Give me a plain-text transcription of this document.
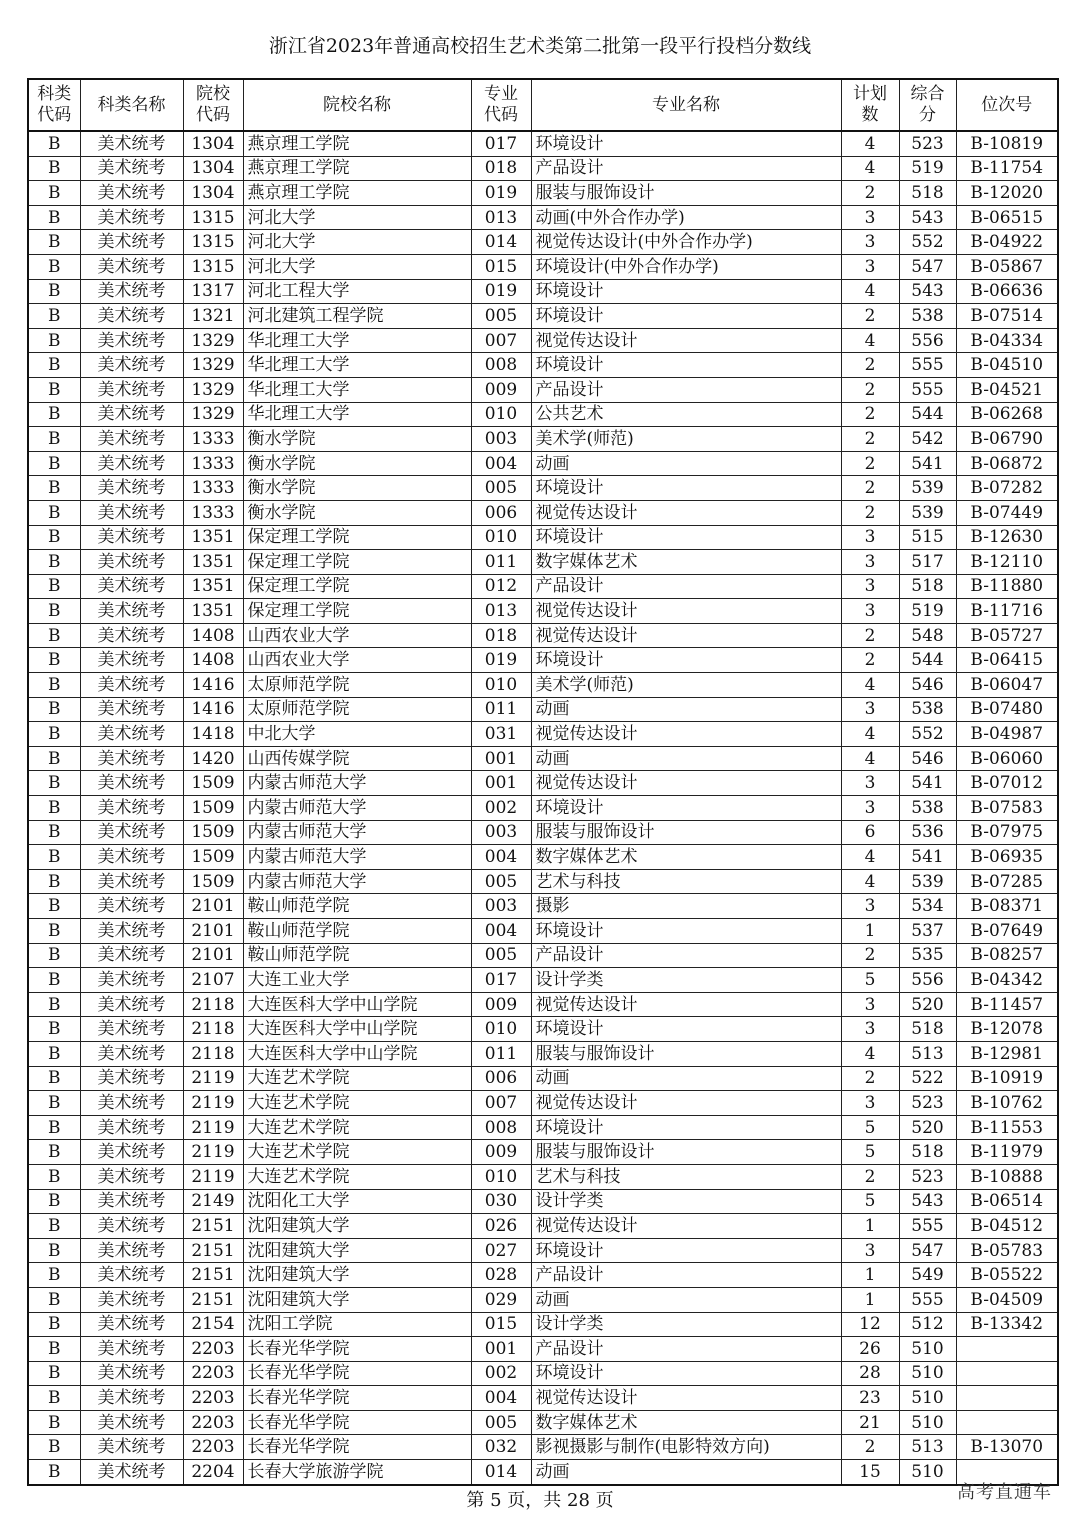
浙江省2023年普通高校招生艺术类第二批第一段平行投档分数线
科类代码	科类名称	院校代码	院校名称	专业代码	专业名称	计划数	综合分	位次号
B	美术统考	1304	燕京理工学院	017	环境设计	4	523	B-10819
B	美术统考	1304	燕京理工学院	018	产品设计	4	519	B-11754
B	美术统考	1304	燕京理工学院	019	服装与服饰设计	2	518	B-12020
B	美术统考	1315	河北大学	013	动画(中外合作办学)	3	543	B-06515
B	美术统考	1315	河北大学	014	视觉传达设计(中外合作办学)	3	552	B-04922
B	美术统考	1315	河北大学	015	环境设计(中外合作办学)	3	547	B-05867
B	美术统考	1317	河北工程大学	019	环境设计	4	543	B-06636
B	美术统考	1321	河北建筑工程学院	005	环境设计	2	538	B-07514
B	美术统考	1329	华北理工大学	007	视觉传达设计	4	556	B-04334
B	美术统考	1329	华北理工大学	008	环境设计	2	555	B-04510
B	美术统考	1329	华北理工大学	009	产品设计	2	555	B-04521
B	美术统考	1329	华北理工大学	010	公共艺术	2	544	B-06268
B	美术统考	1333	衡水学院	003	美术学(师范)	2	542	B-06790
B	美术统考	1333	衡水学院	004	动画	2	541	B-06872
B	美术统考	1333	衡水学院	005	环境设计	2	539	B-07282
B	美术统考	1333	衡水学院	006	视觉传达设计	2	539	B-07449
B	美术统考	1351	保定理工学院	010	环境设计	3	515	B-12630
B	美术统考	1351	保定理工学院	011	数字媒体艺术	3	517	B-12110
B	美术统考	1351	保定理工学院	012	产品设计	3	518	B-11880
B	美术统考	1351	保定理工学院	013	视觉传达设计	3	519	B-11716
B	美术统考	1408	山西农业大学	018	视觉传达设计	2	548	B-05727
B	美术统考	1408	山西农业大学	019	环境设计	2	544	B-06415
B	美术统考	1416	太原师范学院	010	美术学(师范)	4	546	B-06047
B	美术统考	1416	太原师范学院	011	动画	3	538	B-07480
B	美术统考	1418	中北大学	031	视觉传达设计	4	552	B-04987
B	美术统考	1420	山西传媒学院	001	动画	4	546	B-06060
B	美术统考	1509	内蒙古师范大学	001	视觉传达设计	3	541	B-07012
B	美术统考	1509	内蒙古师范大学	002	环境设计	3	538	B-07583
B	美术统考	1509	内蒙古师范大学	003	服装与服饰设计	6	536	B-07975
B	美术统考	1509	内蒙古师范大学	004	数字媒体艺术	4	541	B-06935
B	美术统考	1509	内蒙古师范大学	005	艺术与科技	4	539	B-07285
B	美术统考	2101	鞍山师范学院	003	摄影	3	534	B-08371
B	美术统考	2101	鞍山师范学院	004	环境设计	1	537	B-07649
B	美术统考	2101	鞍山师范学院	005	产品设计	2	535	B-08257
B	美术统考	2107	大连工业大学	017	设计学类	5	556	B-04342
B	美术统考	2118	大连医科大学中山学院	009	视觉传达设计	3	520	B-11457
B	美术统考	2118	大连医科大学中山学院	010	环境设计	3	518	B-12078
B	美术统考	2118	大连医科大学中山学院	011	服装与服饰设计	4	513	B-12981
B	美术统考	2119	大连艺术学院	006	动画	2	522	B-10919
B	美术统考	2119	大连艺术学院	007	视觉传达设计	3	523	B-10762
B	美术统考	2119	大连艺术学院	008	环境设计	5	520	B-11553
B	美术统考	2119	大连艺术学院	009	服装与服饰设计	5	518	B-11979
B	美术统考	2119	大连艺术学院	010	艺术与科技	2	523	B-10888
B	美术统考	2149	沈阳化工大学	030	设计学类	5	543	B-06514
B	美术统考	2151	沈阳建筑大学	026	视觉传达设计	1	555	B-04512
B	美术统考	2151	沈阳建筑大学	027	环境设计	3	547	B-05783
B	美术统考	2151	沈阳建筑大学	028	产品设计	1	549	B-05522
B	美术统考	2151	沈阳建筑大学	029	动画	1	555	B-04509
B	美术统考	2154	沈阳工学院	015	设计学类	12	512	B-13342
B	美术统考	2203	长春光华学院	001	产品设计	26	510	
B	美术统考	2203	长春光华学院	002	环境设计	28	510	
B	美术统考	2203	长春光华学院	004	视觉传达设计	23	510	
B	美术统考	2203	长春光华学院	005	数字媒体艺术	21	510	
B	美术统考	2203	长春光华学院	032	影视摄影与制作(电影特效方向)	2	513	B-13070
B	美术统考	2204	长春大学旅游学院	014	动画	15	510	
第 5 页，共 28 页	高考直通车
